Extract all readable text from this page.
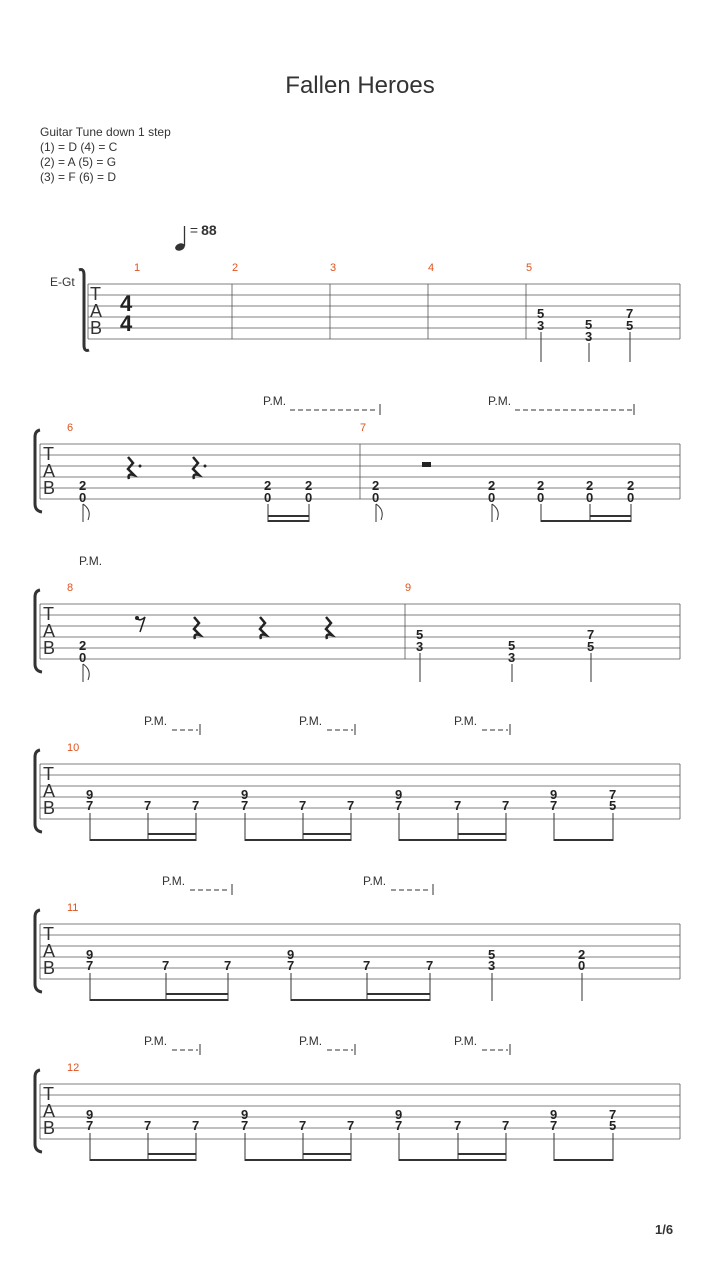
Fallen Heroes
Guitar Tune down 1 step
(1) = D (4) = C
(2) = A (5) = G
(3) = F (6) = D
= 88
1/6
E-Gt
T
A
B
4
4
1	2	3	4	5
5
3	5
3
7
5
P.M.	P.M.
T
A
B
6	7
2
0
2
0
2
0
2
0
2
0
2
0
2
0
2
0
P.M.
T
A
B
8	9
2
0
5
3	5
3
7
5
P.M.	P.M.	P.M.
T
A
B
10
9
7	7	7
9
7	7	7
9
7	7	7
9
7
7
5
P.M.	P.M.
T
A
B
11
9
7	7	7
9
7	7	7
5
3
2
0
P.M.	P.M.	P.M.
T
A
B
12
9
7	7	7
9
7	7	7
9
7	7	7
9
7
7
5
